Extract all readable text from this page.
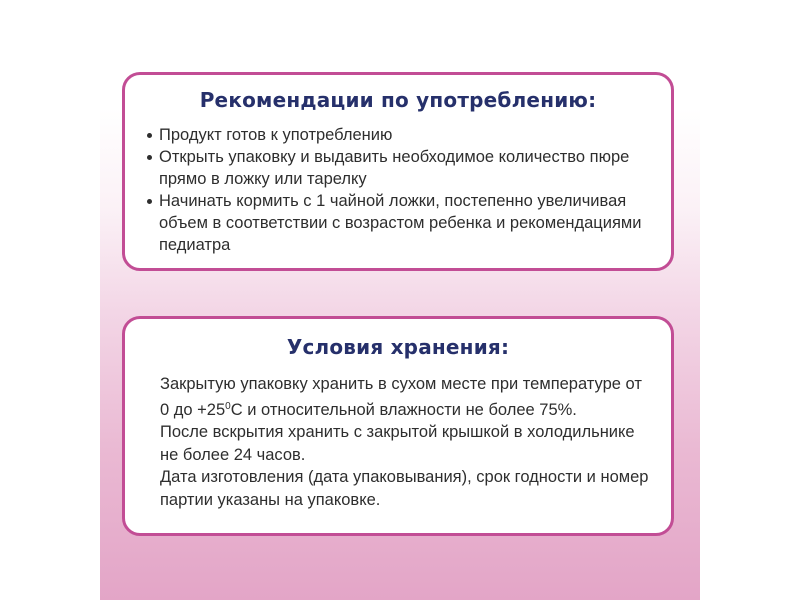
Рекомендации по употреблению:
Продукт готов к употреблению
Открыть упаковку и выдавить необходимое количество пюре прямо в ложку или тарелку
Начинать кормить с 1 чайной ложки, постепенно увеличивая объем в соответствии с возрастом ребенка и рекомендациями педиатра
Условия хранения:

Закрытую упаковку хранить в сухом месте при температуре от 0 до $+25^0С$ и относительной влажности не более 75%.

После вскрытия хранить с закрытой крышкой в холодильнике не более 24 часов.

Дата изготовления (дата упаковывания), срок годности и номер партии указаны на упаковке.
